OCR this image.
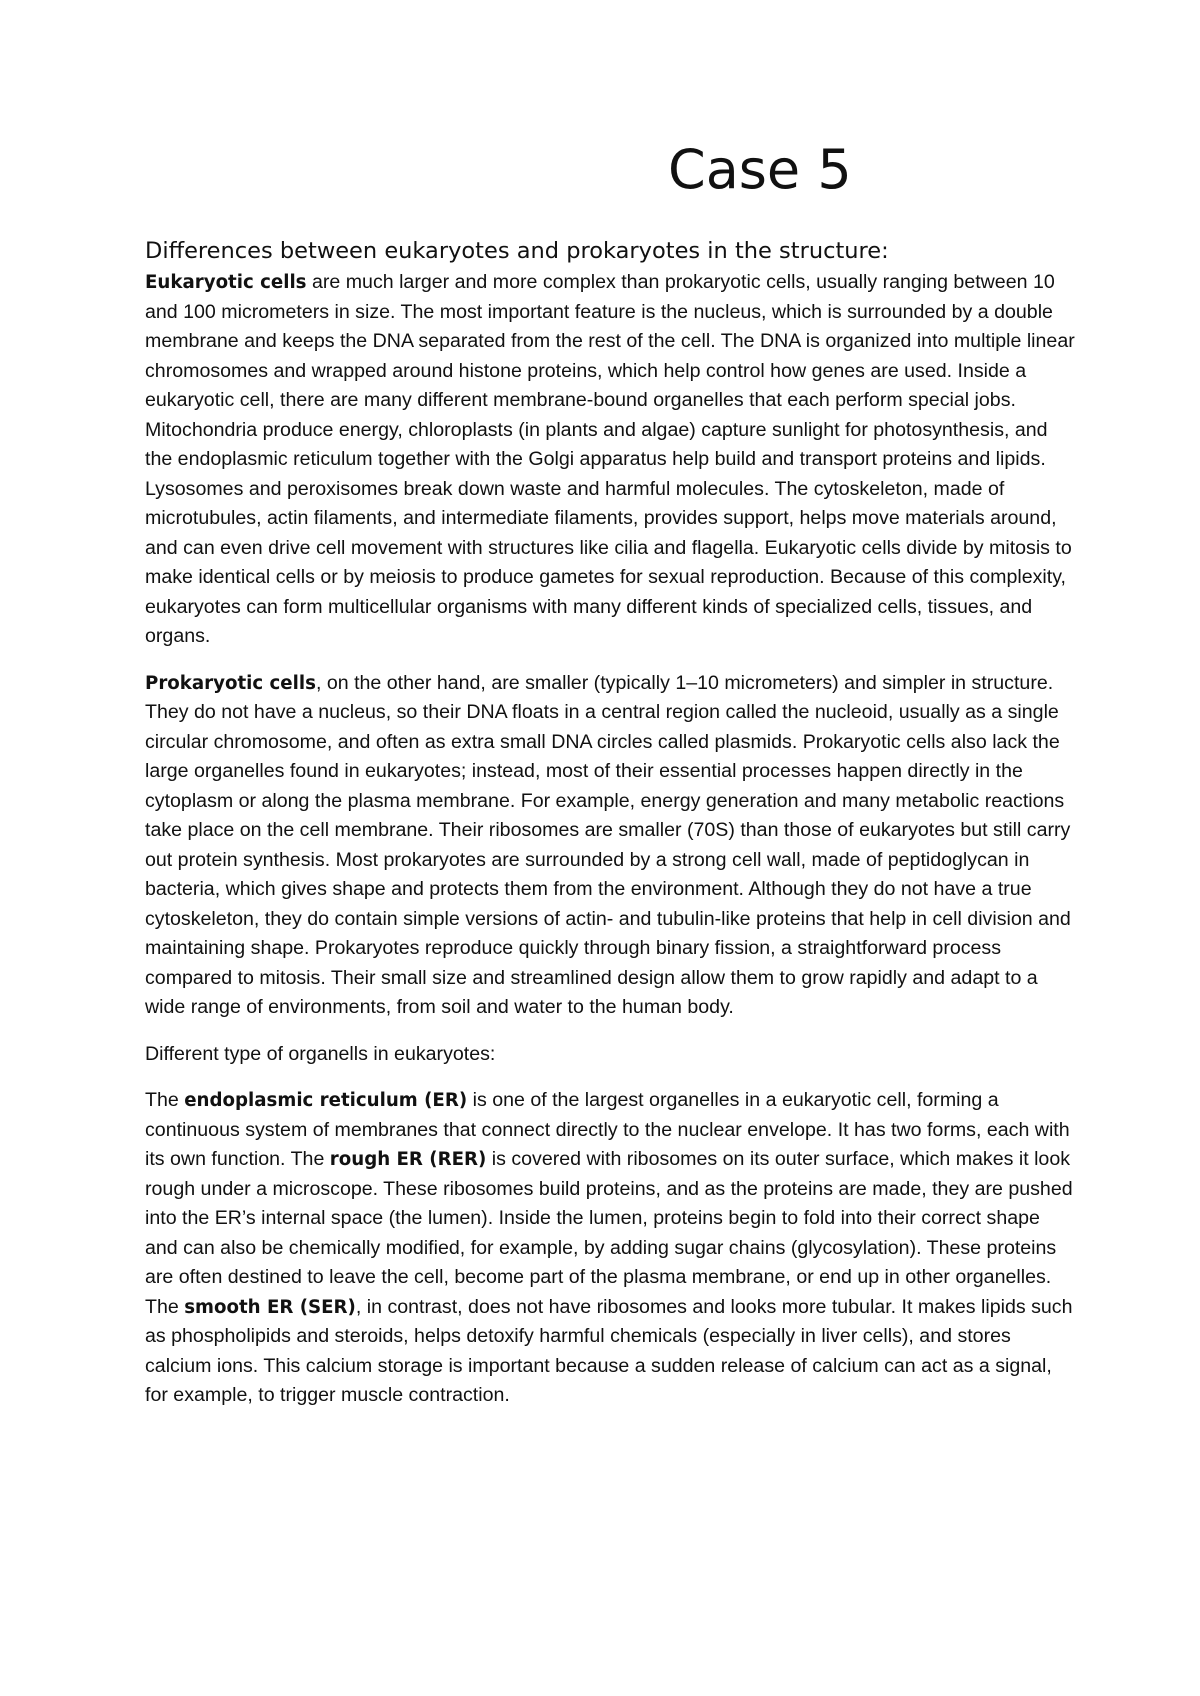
Case 5
Differences between eukaryotes and prokaryotes in the structure:

Eukaryotic cells are much larger and more complex than prokaryotic cells, usually ranging between 10 and 100 micrometers in size. The most important feature is the nucleus, which is surrounded by a double membrane and keeps the DNA separated from the rest of the cell. The DNA is organized into multiple linear chromosomes and wrapped around histone proteins, which help control how genes are used. Inside a eukaryotic cell, there are many different membrane-bound organelles that each perform special jobs. Mitochondria produce energy, chloroplasts (in plants and algae) capture sunlight for photosynthesis, and the endoplasmic reticulum together with the Golgi apparatus help build and transport proteins and lipids. Lysosomes and peroxisomes break down waste and harmful molecules. The cytoskeleton, made of microtubules, actin filaments, and intermediate filaments, provides support, helps move materials around, and can even drive cell movement with structures like cilia and flagella. Eukaryotic cells divide by mitosis to make identical cells or by meiosis to produce gametes for sexual reproduction. Because of this complexity, eukaryotes can form multicellular organisms with many different kinds of specialized cells, tissues, and organs.

Prokaryotic cells, on the other hand, are smaller (typically 1–10 micrometers) and simpler in structure. They do not have a nucleus, so their DNA floats in a central region called the nucleoid, usually as a single circular chromosome, and often as extra small DNA circles called plasmids. Prokaryotic cells also lack the large organelles found in eukaryotes; instead, most of their essential processes happen directly in the cytoplasm or along the plasma membrane. For example, energy generation and many metabolic reactions take place on the cell membrane. Their ribosomes are smaller (70S) than those of eukaryotes but still carry out protein synthesis. Most prokaryotes are surrounded by a strong cell wall, made of peptidoglycan in bacteria, which gives shape and protects them from the environment. Although they do not have a true cytoskeleton, they do contain simple versions of actin- and tubulin-like proteins that help in cell division and maintaining shape. Prokaryotes reproduce quickly through binary fission, a straightforward process compared to mitosis. Their small size and streamlined design allow them to grow rapidly and adapt to a wide range of environments, from soil and water to the human body.

Different type of organells in eukaryotes:

The endoplasmic reticulum (ER) is one of the largest organelles in a eukaryotic cell, forming a continuous system of membranes that connect directly to the nuclear envelope. It has two forms, each with its own function. The rough ER (RER) is covered with ribosomes on its outer surface, which makes it look rough under a microscope. These ribosomes build proteins, and as the proteins are made, they are pushed into the ER’s internal space (the lumen). Inside the lumen, proteins begin to fold into their correct shape and can also be chemically modified, for example, by adding sugar chains (glycosylation). These proteins are often destined to leave the cell, become part of the plasma membrane, or end up in other organelles. The smooth ER (SER), in contrast, does not have ribosomes and looks more tubular. It makes lipids such as phospholipids and steroids, helps detoxify harmful chemicals (especially in liver cells), and stores calcium ions. This calcium storage is important because a sudden release of calcium can act as a signal, for example, to trigger muscle contraction.
